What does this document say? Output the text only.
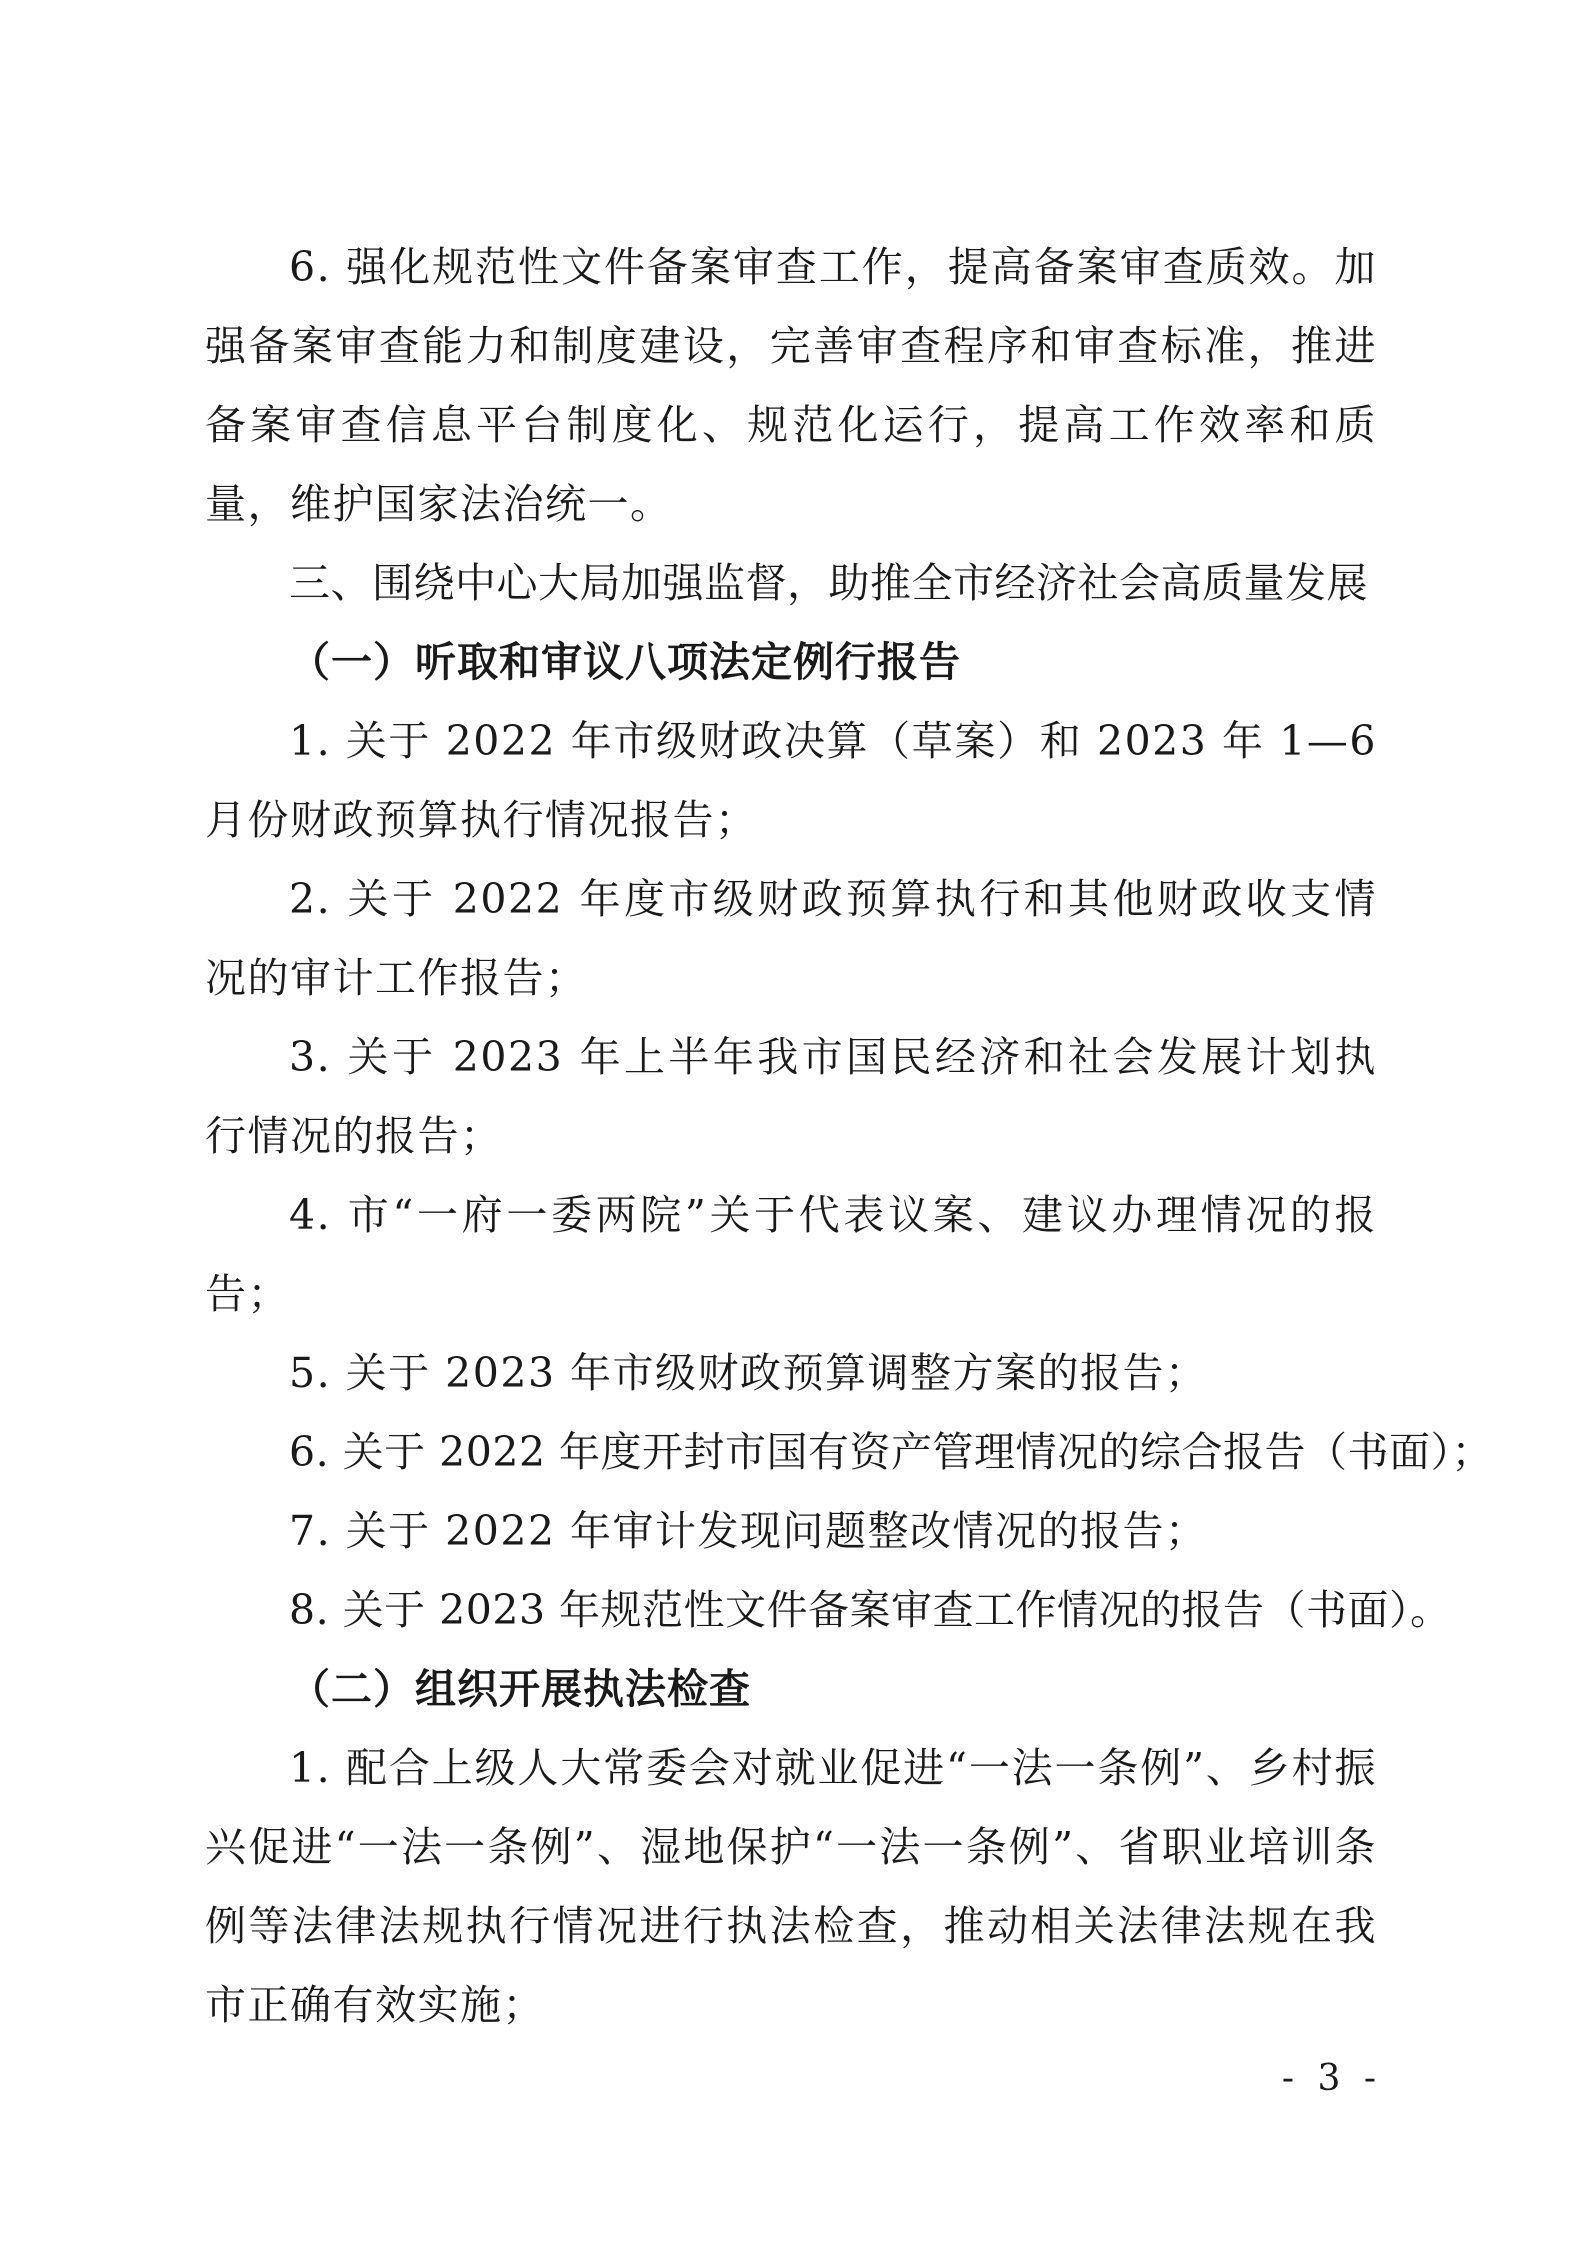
6. 强化规范性文件备案审查工作，提高备案审查质效。加强备案审查能力和制度建设，完善审查程序和审查标准，推进备案审查信息平台制度化、规范化运行，提高工作效率和质量，维护国家法治统一。

三、围绕中心大局加强监督，助推全市经济社会高质量发展

（一）听取和审议八项法定例行报告

1. 关于 2022 年市级财政决算（草案）和 2023 年 1—6 月份财政预算执行情况报告；

2. 关于 2022 年度市级财政预算执行和其他财政收支情况的审计工作报告；

3. 关于 2023 年上半年我市国民经济和社会发展计划执行情况的报告；

4. 市“一府一委两院”关于代表议案、建议办理情况的报告；

5. 关于 2023 年市级财政预算调整方案的报告；

6. 关于 2022 年度开封市国有资产管理情况的综合报告（书面）；

7. 关于 2022 年审计发现问题整改情况的报告；

8. 关于 2023 年规范性文件备案审查工作情况的报告（书面）。

（二）组织开展执法检查

1. 配合上级人大常委会对就业促进“一法一条例”、乡村振兴促进“一法一条例”、湿地保护“一法一条例”、省职业培训条例等法律法规执行情况进行执法检查，推动相关法律法规在我市正确有效实施；

- 3 -
